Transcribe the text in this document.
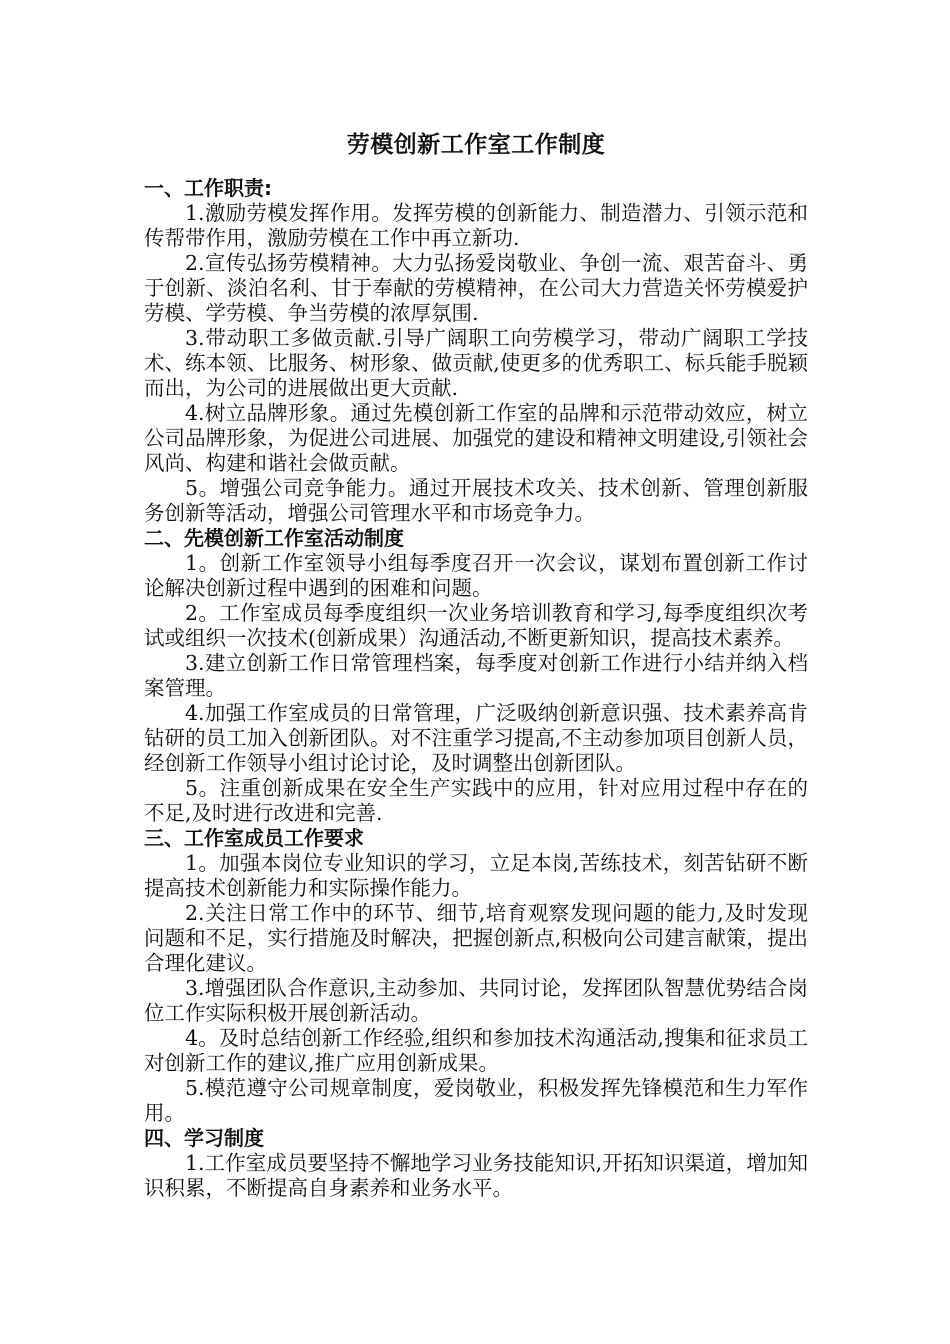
劳模创新工作室工作制度
一、工作职责:

1.激励劳模发挥作用。发挥劳模的创新能力、制造潜力、引领示范和传帮带作用，激励劳模在工作中再立新功.

2.宣传弘扬劳模精神。大力弘扬爱岗敬业、争创一流、艰苦奋斗、勇于创新、淡泊名利、甘于奉献的劳模精神，在公司大力营造关怀劳模爱护劳模、学劳模、争当劳模的浓厚氛围.

3.带动职工多做贡献.引导广阔职工向劳模学习，带动广阔职工学技术、练本领、比服务、树形象、做贡献,使更多的优秀职工、标兵能手脱颖而出，为公司的进展做出更大贡献.

4.树立品牌形象。通过先模创新工作室的品牌和示范带动效应，树立公司品牌形象，为促进公司进展、加强党的建设和精神文明建设,引领社会风尚、构建和谐社会做贡献。

5。增强公司竞争能力。通过开展技术攻关、技术创新、管理创新服务创新等活动，增强公司管理水平和市场竞争力。

二、先模创新工作室活动制度

1。创新工作室领导小组每季度召开一次会议，谋划布置创新工作讨论解决创新过程中遇到的困难和问题。

2。工作室成员每季度组织一次业务培训教育和学习,每季度组织次考试或组织一次技术(创新成果）沟通活动,不断更新知识，提高技术素养。

3.建立创新工作日常管理档案，每季度对创新工作进行小结并纳入档案管理。

4.加强工作室成员的日常管理，广泛吸纳创新意识强、技术素养高肯钻研的员工加入创新团队。对不注重学习提高,不主动参加项目创新人员，经创新工作领导小组讨论讨论，及时调整出创新团队。

5。注重创新成果在安全生产实践中的应用，针对应用过程中存在的不足,及时进行改进和完善.

三、工作室成员工作要求

1。加强本岗位专业知识的学习，立足本岗,苦练技术，刻苦钻研不断提高技术创新能力和实际操作能力。

2.关注日常工作中的环节、细节,培育观察发现问题的能力,及时发现问题和不足，实行措施及时解决，把握创新点,积极向公司建言献策，提出合理化建议。

3.增强团队合作意识,主动参加、共同讨论，发挥团队智慧优势结合岗位工作实际积极开展创新活动。

4。及时总结创新工作经验,组织和参加技术沟通活动,搜集和征求员工对创新工作的建议,推广应用创新成果。

5.模范遵守公司规章制度，爱岗敬业，积极发挥先锋模范和生力军作用。

四、学习制度

1.工作室成员要坚持不懈地学习业务技能知识,开拓知识渠道，增加知识积累，不断提高自身素养和业务水平。
